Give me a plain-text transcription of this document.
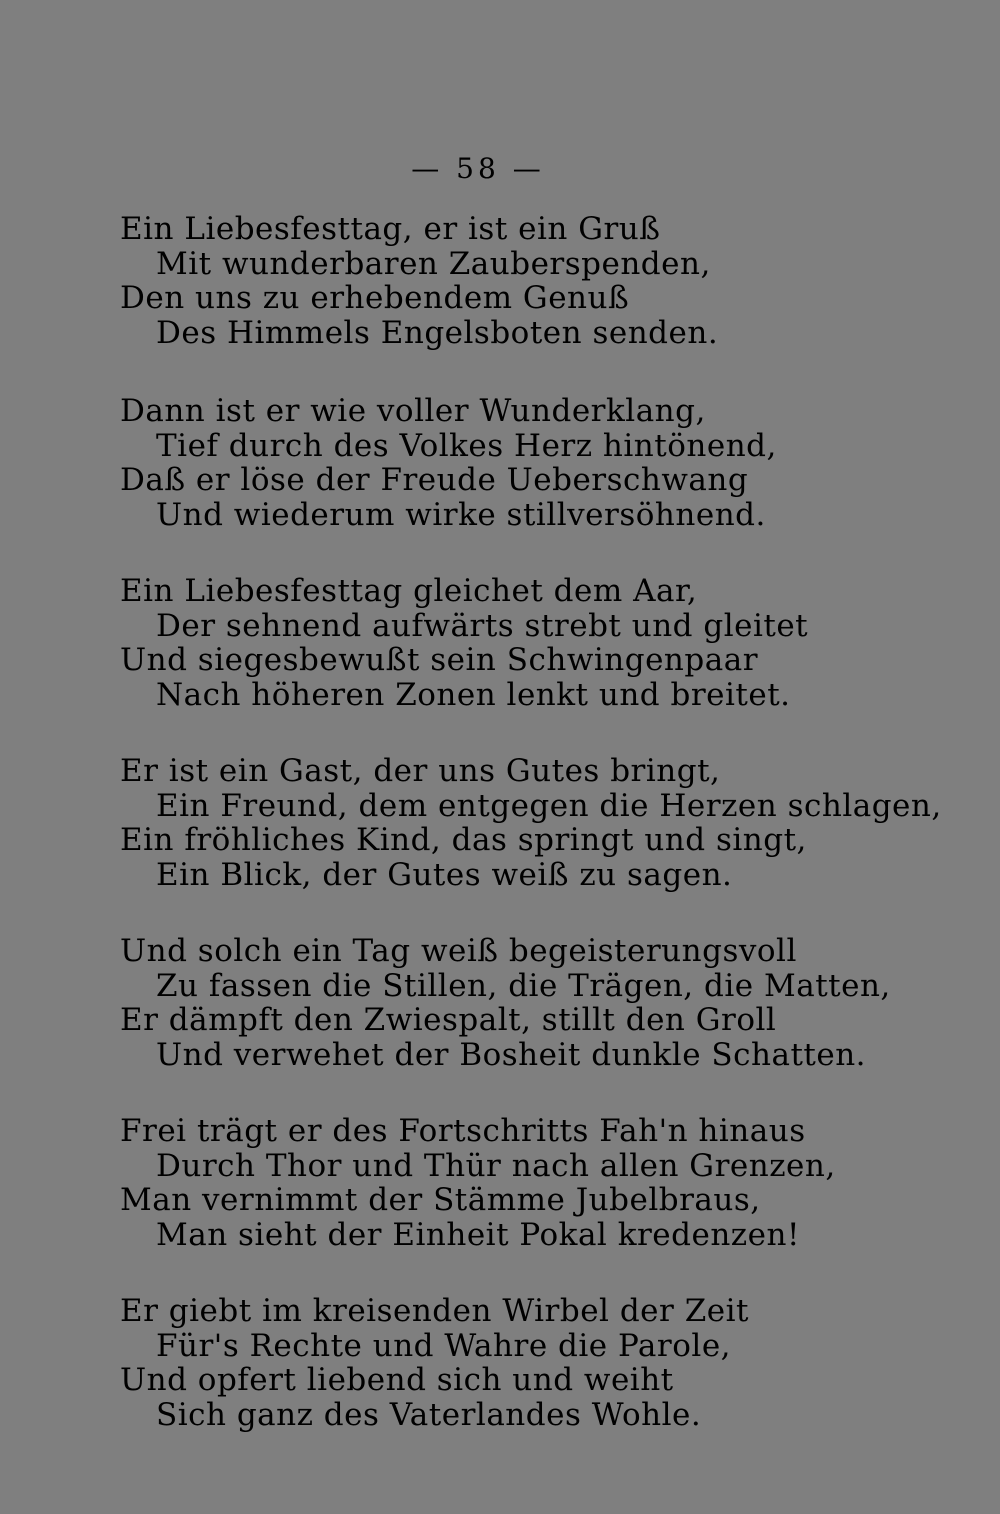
— 58 —
Ein Liebesfesttag, er ist ein Gruß
Mit wunderbaren Zauberspenden,
Den uns zu erhebendem Genuß
Des Himmels Engelsboten senden.
Dann ist er wie voller Wunderklang,
Tief durch des Volkes Herz hintönend,
Daß er löse der Freude Ueberschwang
Und wiederum wirke stillversöhnend.
Ein Liebesfesttag gleichet dem Aar,
Der sehnend aufwärts strebt und gleitet
Und siegesbewußt sein Schwingenpaar
Nach höheren Zonen lenkt und breitet.
Er ist ein Gast, der uns Gutes bringt,
Ein Freund, dem entgegen die Herzen schlagen,
Ein fröhliches Kind, das springt und singt,
Ein Blick, der Gutes weiß zu sagen.
Und solch ein Tag weiß begeisterungsvoll
Zu fassen die Stillen, die Trägen, die Matten,
Er dämpft den Zwiespalt, stillt den Groll
Und verwehet der Bosheit dunkle Schatten.
Frei trägt er des Fortschritts Fah'n hinaus
Durch Thor und Thür nach allen Grenzen,
Man vernimmt der Stämme Jubelbraus,
Man sieht der Einheit Pokal kredenzen!
Er giebt im kreisenden Wirbel der Zeit
Für's Rechte und Wahre die Parole,
Und opfert liebend sich und weiht
Sich ganz des Vaterlandes Wohle.
